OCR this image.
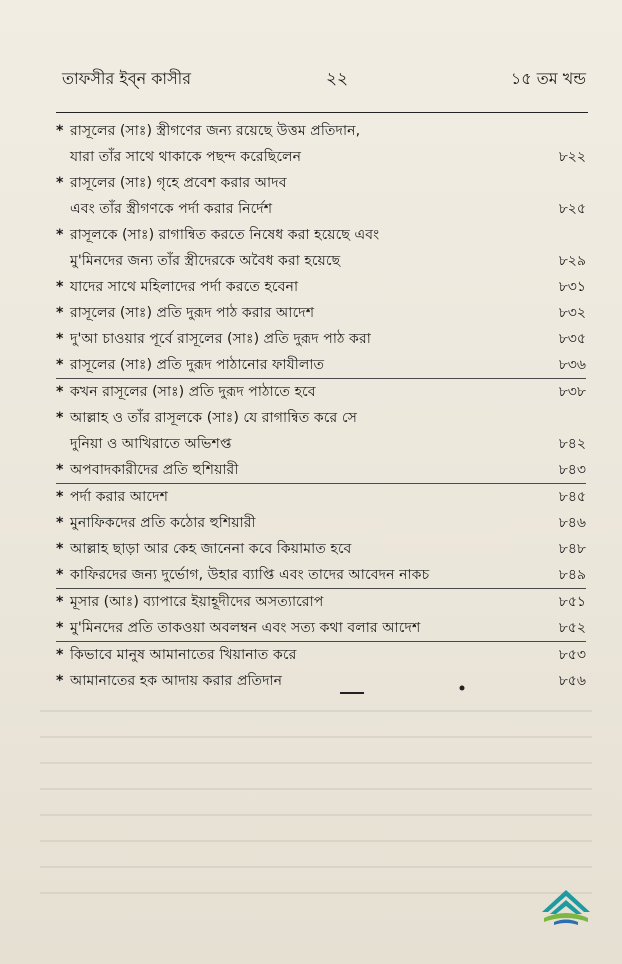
তাফসীর ইব্ন কাসীর	২২	১৫ তম খন্ড
* রাসূলের (সাঃ) স্ত্রীগণের জন্য রয়েছে উত্তম প্রতিদান,
যারা তাঁর সাথে থাকাকে পছন্দ করেছিলেন	৮২২
* রাসূলের (সাঃ) গৃহে প্রবেশ করার আদব
এবং তাঁর স্ত্রীগণকে পর্দা করার নির্দেশ	৮২৫
* রাসূলকে (সাঃ) রাগান্বিত করতে নিষেধ করা হয়েছে এবং
মু'মিনদের জন্য তাঁর স্ত্রীদেরকে অবৈধ করা হয়েছে	৮২৯
* যাদের সাথে মহিলাদের পর্দা করতে হবেনা	৮৩১
* রাসূলের (সাঃ) প্রতি দুরূদ পাঠ করার আদেশ	৮৩২
* দু'আ চাওয়ার পূর্বে রাসূলের (সাঃ) প্রতি দুরূদ পাঠ করা	৮৩৫
* রাসূলের (সাঃ) প্রতি দুরূদ পাঠানোর ফাযীলাত	৮৩৬
* কখন রাসূলের (সাঃ) প্রতি দুরূদ পাঠাতে হবে	৮৩৮
* আল্লাহ ও তাঁর রাসূলকে (সাঃ) যে রাগান্বিত করে সে
দুনিয়া ও আখিরাতে অভিশপ্ত	৮৪২
* অপবাদকারীদের প্রতি হুশিয়ারী	৮৪৩
* পর্দা করার আদেশ	৮৪৫
* মুনাফিকদের প্রতি কঠোর হুশিয়ারী	৮৪৬
* আল্লাহ ছাড়া আর কেহ জানেনা কবে কিয়ামাত হবে	৮৪৮
* কাফিরদের জন্য দুর্ভোগ, উহার ব্যাপ্তি এবং তাদের আবেদন নাকচ	৮৪৯
* মূসার (আঃ) ব্যাপারে ইয়াহূদীদের অসত্যারোপ	৮৫১
* মু'মিনদের প্রতি তাকওয়া অবলম্বন এবং সত্য কথা বলার আদেশ	৮৫২
* কিভাবে মানুষ আমানাতের খিয়ানাত করে	৮৫৩
* আমানাতের হক আদায় করার প্রতিদান	৮৫৬
